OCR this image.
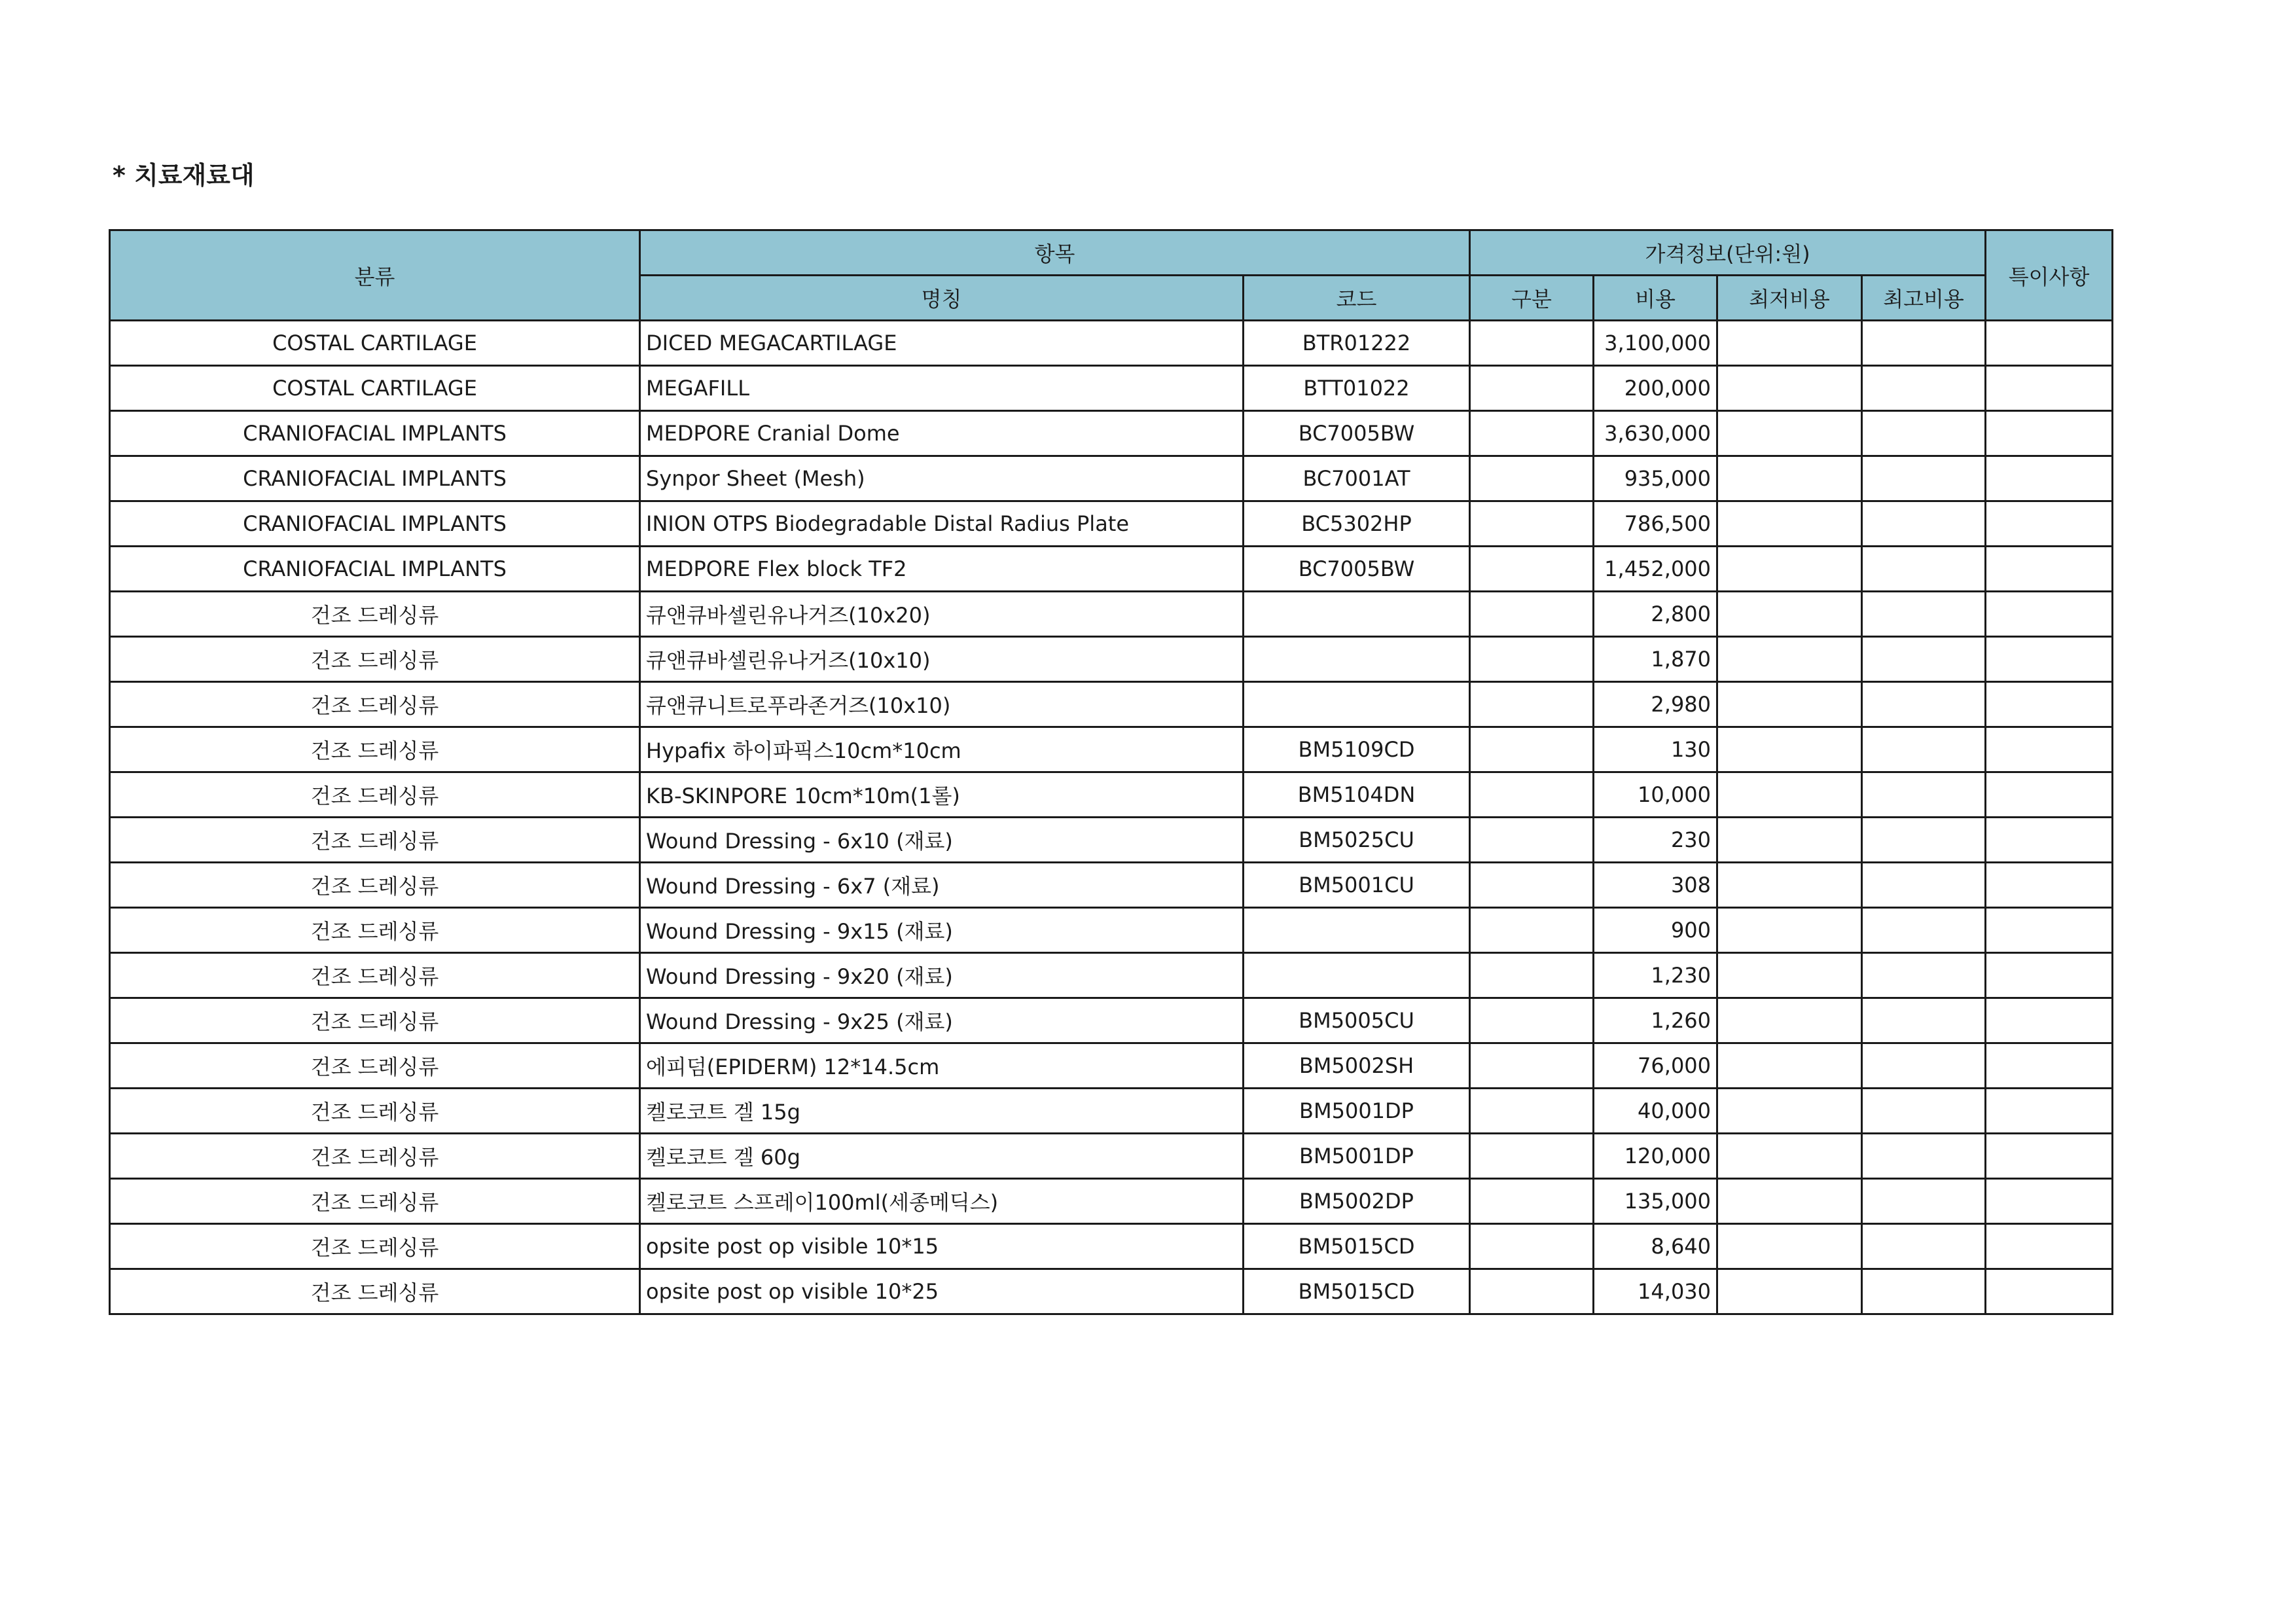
* 치료재료대
분류	항목		가격정보(단위:원)				특이사항
	명칭	코드	구분	비용	최저비용	최고비용	
COSTAL CARTILAGE	DICED MEGACARTILAGE	BTR01222		3,100,000			
COSTAL CARTILAGE	MEGAFILL	BTT01022		200,000			
CRANIOFACIAL IMPLANTS	MEDPORE Cranial Dome	BC7005BW		3,630,000			
CRANIOFACIAL IMPLANTS	Synpor Sheet (Mesh)	BC7001AT		935,000			
CRANIOFACIAL IMPLANTS	INION OTPS Biodegradable Distal Radius Plate	BC5302HP		786,500			
CRANIOFACIAL IMPLANTS	MEDPORE Flex block TF2	BC7005BW		1,452,000			
건조 드레싱류	큐앤큐바셀린유나거즈(10x20)			2,800			
건조 드레싱류	큐앤큐바셀린유나거즈(10x10)			1,870			
건조 드레싱류	큐앤큐니트로푸라존거즈(10x10)			2,980			
건조 드레싱류	Hypafix 하이파픽스10cm*10cm	BM5109CD		130			
건조 드레싱류	KB-SKINPORE 10cm*10m(1롤)	BM5104DN		10,000			
건조 드레싱류	Wound Dressing - 6x10 (재료)	BM5025CU		230			
건조 드레싱류	Wound Dressing - 6x7 (재료)	BM5001CU		308			
건조 드레싱류	Wound Dressing - 9x15 (재료)			900			
건조 드레싱류	Wound Dressing - 9x20 (재료)			1,230			
건조 드레싱류	Wound Dressing - 9x25 (재료)	BM5005CU		1,260			
건조 드레싱류	에피덤(EPIDERM) 12*14.5cm	BM5002SH		76,000			
건조 드레싱류	켈로코트 겔 15g	BM5001DP		40,000			
건조 드레싱류	켈로코트 겔 60g	BM5001DP		120,000			
건조 드레싱류	켈로코트 스프레이100ml(세종메딕스)	BM5002DP		135,000			
건조 드레싱류	opsite post op visible 10*15	BM5015CD		8,640			
건조 드레싱류	opsite post op visible 10*25	BM5015CD		14,030			
